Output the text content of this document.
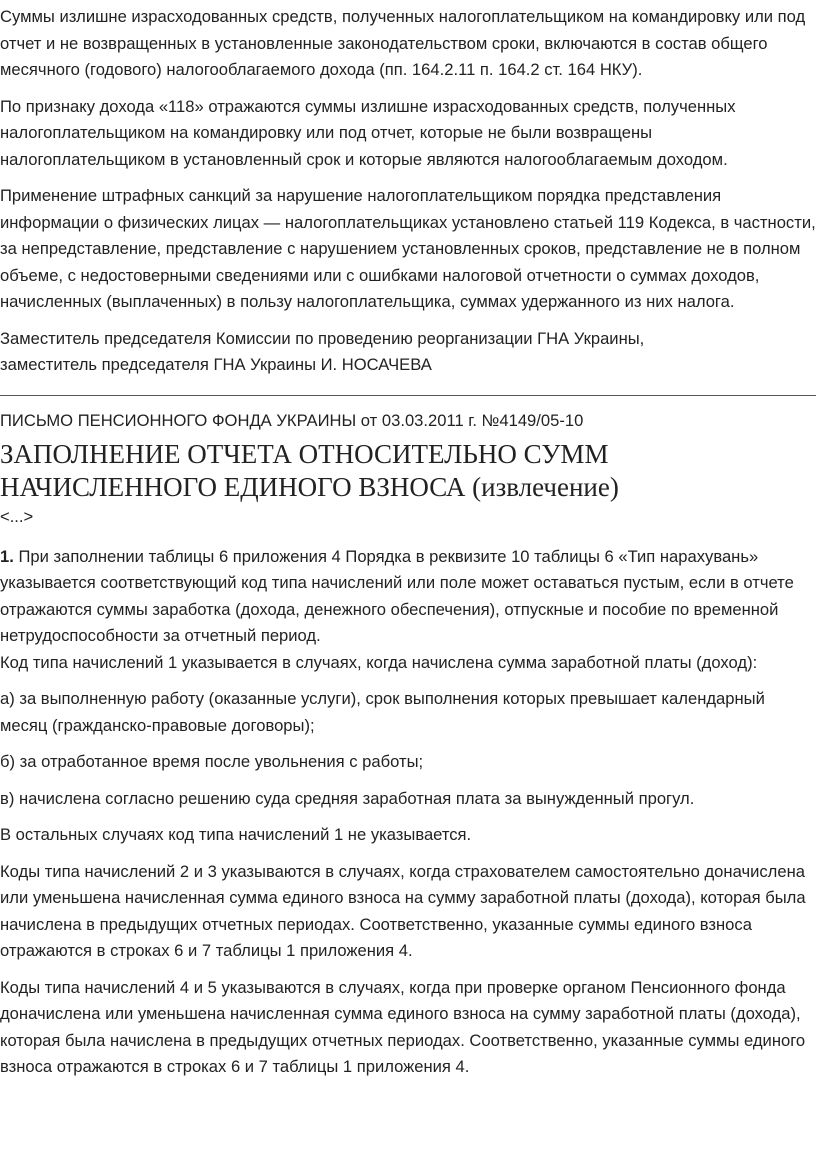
Суммы излишне израсходованных средств, полученных налогоплательщиком на командировку или под отчет и не возвращенных в установленные законодательством сроки, включаются в состав общего месячного (годового) налогооблагаемого дохода (пп. 164.2.11 п. 164.2 ст. 164 НКУ).

По признаку дохода «118» отражаются суммы излишне израсходованных средств, полученных налогоплательщиком на командировку или под отчет, которые не были возвращены налогоплательщиком в установленный срок и которые являются налогооблагаемым доходом.

Применение штрафных санкций за нарушение налогоплательщиком порядка представления информации о физических лицах — налогоплательщиках установлено статьей 119 Кодекса, в частности, за непредставление, представление с нарушением установленных сроков, представление не в полном объеме, с недостоверными сведениями или с ошибками налоговой отчетности о суммах доходов, начисленных (выплаченных) в пользу налогоплательщика, суммах удержанного из них налога.

Заместитель председателя Комиссии по проведению реорганизации ГНА Украины,
заместитель председателя ГНА Украины И. НОСАЧЕВА

ПИСЬМО ПЕНСИОННОГО ФОНДА УКРАИНЫ от 03.03.2011 г. №4149/05-10

ЗАПОЛНЕНИЕ ОТЧЕТА ОТНОСИТЕЛЬНО СУММ НАЧИСЛЕННОГО ЕДИНОГО ВЗНОСА (извлечение)

<...>

1. При заполнении таблицы 6 приложения 4 Порядка в реквизите 10 таблицы 6 «Тип нарахувань» указывается соответствующий код типа начислений или поле может оставаться пустым, если в отчете отражаются суммы заработка (дохода, денежного обеспечения), отпускные и пособие по временной нетрудоспособности за отчетный период.

Код типа начислений 1 указывается в случаях, когда начислена сумма заработной платы (доход):

а) за выполненную работу (оказанные услуги), срок выполнения которых превышает календарный месяц (гражданско-правовые договоры);

б) за отработанное время после увольнения с работы;

в) начислена согласно решению суда средняя заработная плата за вынужденный прогул.

В остальных случаях код типа начислений 1 не указывается.

Коды типа начислений 2 и 3 указываются в случаях, когда страхователем самостоятельно доначислена или уменьшена начисленная сумма единого взноса на сумму заработной платы (дохода), которая была начислена в предыдущих отчетных периодах. Соответственно, указанные суммы единого взноса отражаются в строках 6 и 7 таблицы 1 приложения 4.

Коды типа начислений 4 и 5 указываются в случаях, когда при проверке органом Пенсионного фонда доначислена или уменьшена начисленная сумма единого взноса на сумму заработной платы (дохода), которая была начислена в предыдущих отчетных периодах. Соответственно, указанные суммы единого взноса отражаются в строках 6 и 7 таблицы 1 приложения 4.
